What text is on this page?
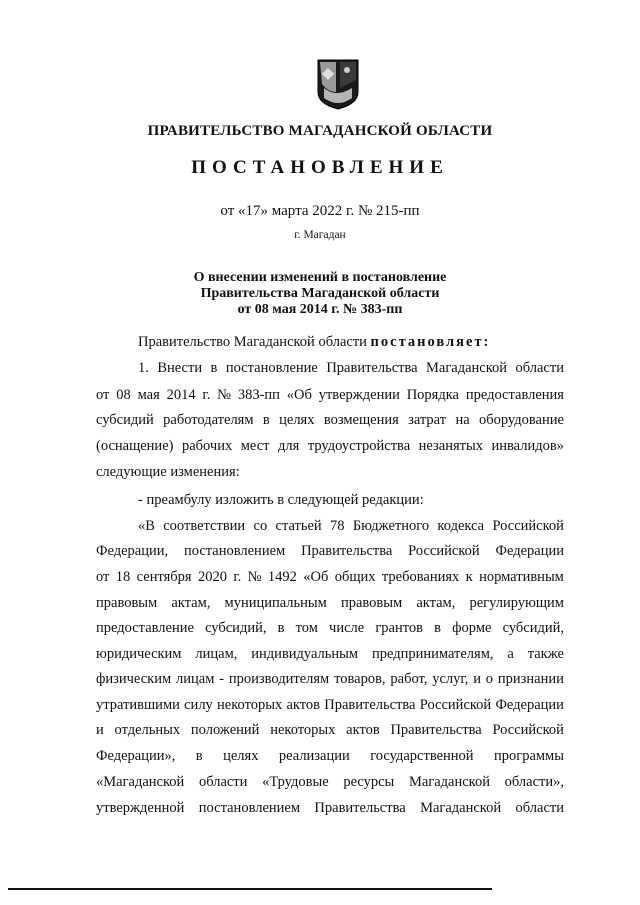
ПРАВИТЕЛЬСТВО МАГАДАНСКОЙ ОБЛАСТИ
ПОСТАНОВЛЕНИЕ
от «17» марта 2022 г. № 215-пп
г. Магадан
О внесении изменений в постановление
Правительства Магаданской области
от 08 мая 2014 г. № 383-пп
Правительство Магаданской области постановляет:
1. Внести в постановление Правительства Магаданской области
от 08 мая 2014 г. № 383-пп «Об утверждении Порядка предоставления
субсидий работодателям в целях возмещения затрат на оборудование
(оснащение) рабочих мест для трудоустройства незанятых инвалидов»
следующие изменения:
- преамбулу изложить в следующей редакции:
«В соответствии со статьей 78 Бюджетного кодекса Российской
Федерации, постановлением Правительства Российской Федерации
от 18 сентября 2020 г. № 1492 «Об общих требованиях к нормативным
правовым актам, муниципальным правовым актам, регулирующим
предоставление субсидий, в том числе грантов в форме субсидий,
юридическим лицам, индивидуальным предпринимателям, а также
физическим лицам - производителям товаров, работ, услуг, и о признании
утратившими силу некоторых актов Правительства Российской Федерации
и отдельных положений некоторых актов Правительства Российской
Федерации», в целях реализации государственной программы
«Магаданской области «Трудовые ресурсы Магаданской области»,
утвержденной постановлением Правительства Магаданской области
